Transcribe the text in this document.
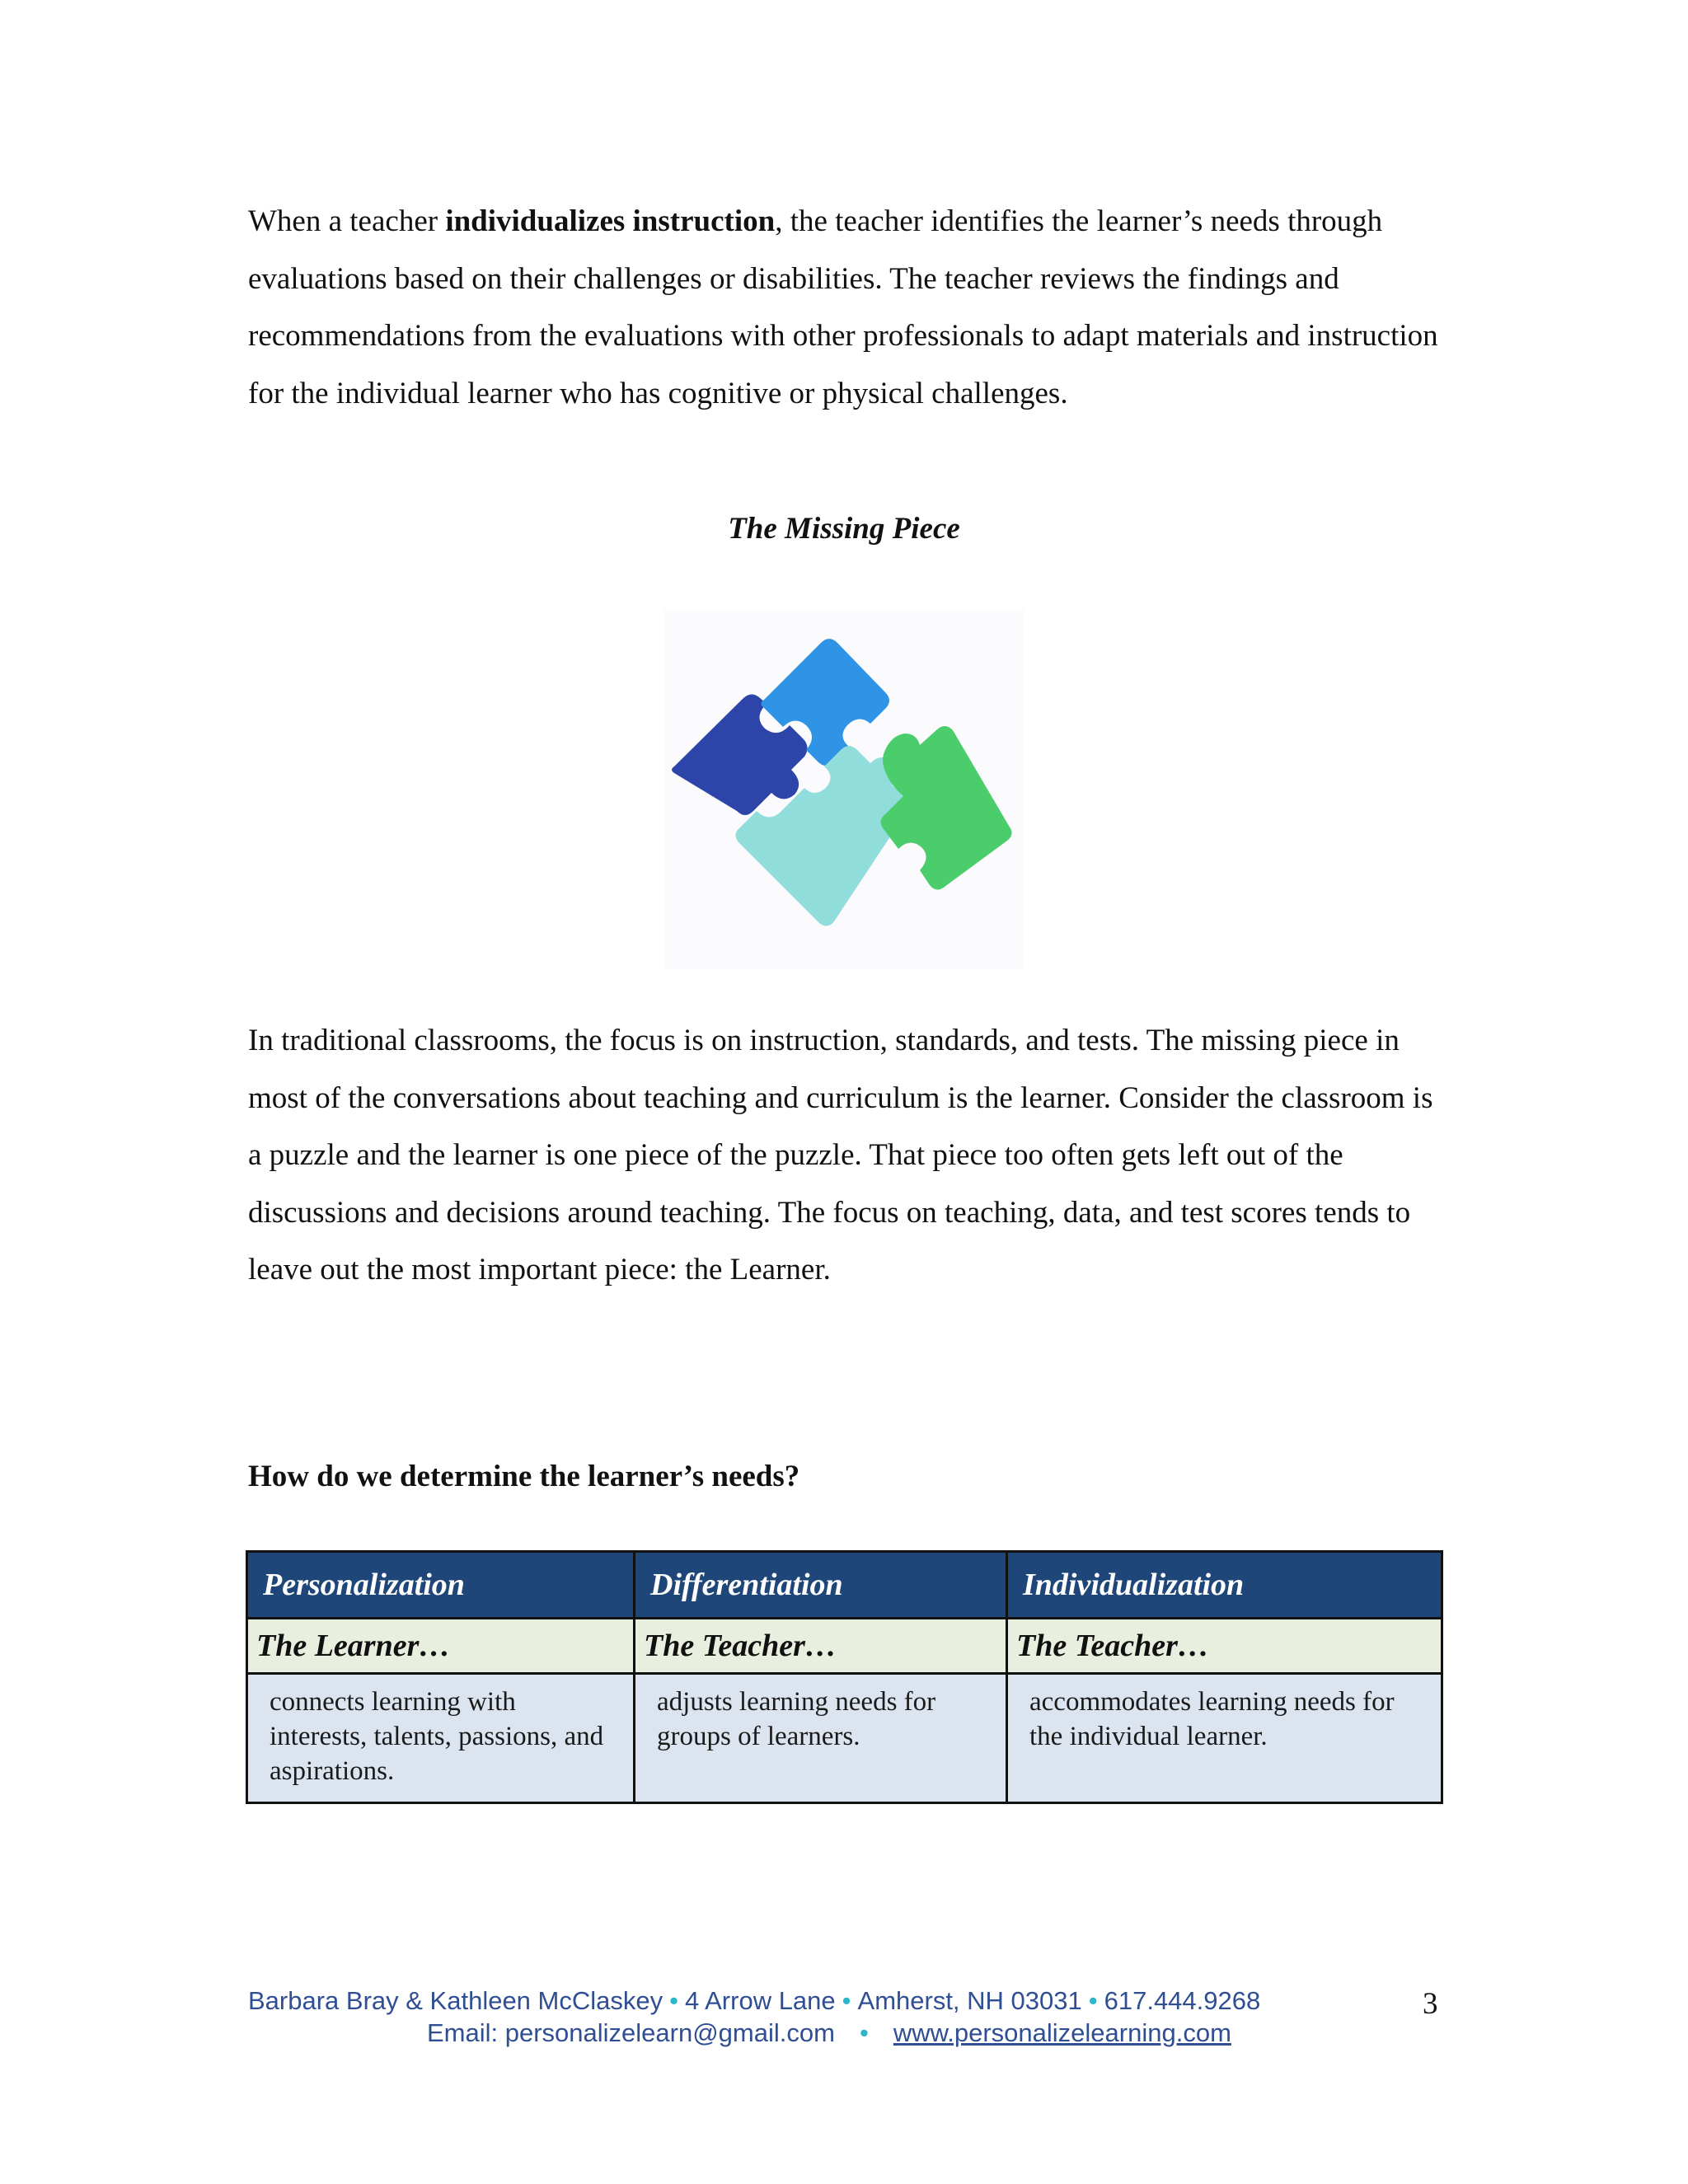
When a teacher individualizes instruction, the teacher identifies the learner’s needs through evaluations based on their challenges or disabilities. The teacher reviews the findings and recommendations from the evaluations with other professionals to adapt materials and instruction for the individual learner who has cognitive or physical challenges.

The Missing Piece

In traditional classrooms, the focus is on instruction, standards, and tests. The missing piece in most of the conversations about teaching and curriculum is the learner. Consider the classroom is a puzzle and the learner is one piece of the puzzle. That piece too often gets left out of the discussions and decisions around teaching. The focus on teaching, data, and test scores tends to leave out the most important piece: the Learner.

How do we determine the learner’s needs?

Personalization	Differentiation	Individualization
The Learner…	The Teacher…	The Teacher…
connects learning with interests, talents, passions, and aspirations.	adjusts learning needs for groups of learners.	accommodates learning needs for the individual learner.
Barbara Bray & Kathleen McClaskey • 4 Arrow Lane • Amherst, NH 03031 • 617.444.9268
Email: personalizelearn@gmail.com • www.personalizelearning.com
3
